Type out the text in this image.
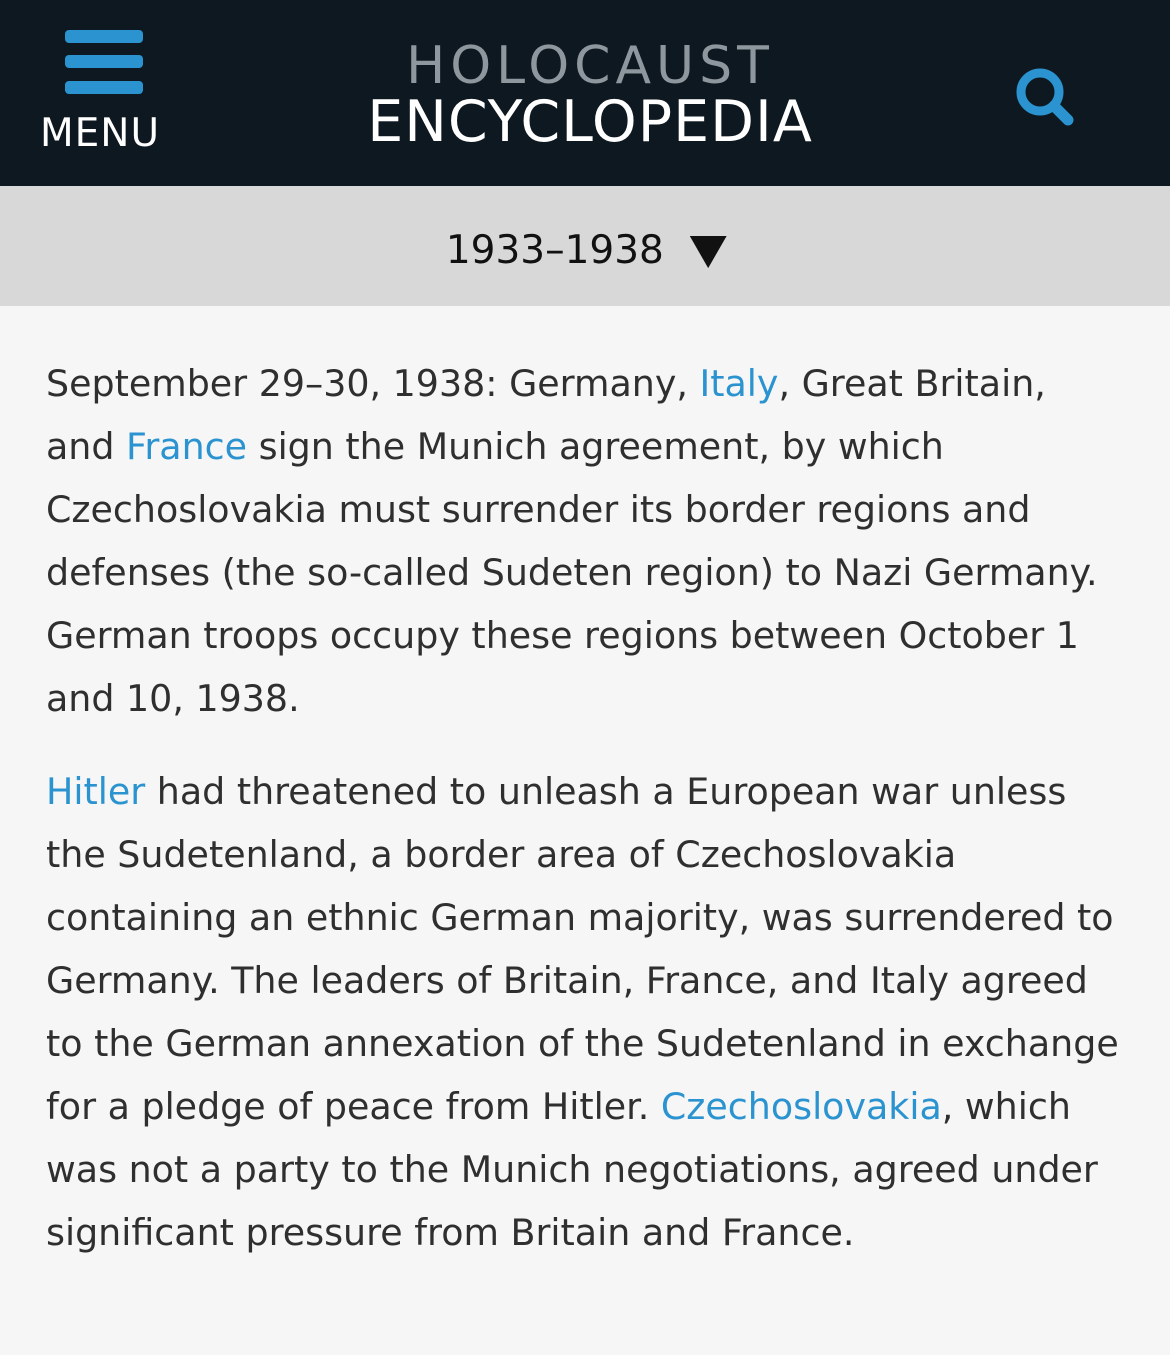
MENU
HOLOCAUST
ENCYCLOPEDIA
1933–1938 ▼

September 29–30, 1938: Germany, Italy, Great Britain, and France sign the Munich agreement, by which Czechoslovakia must surrender its border regions and defenses (the so-called Sudeten region) to Nazi Germany. German troops occupy these regions between October 1 and 10, 1938.

Hitler had threatened to unleash a European war unless the Sudetenland, a border area of Czechoslovakia containing an ethnic German majority, was surrendered to Germany. The leaders of Britain, France, and Italy agreed to the German annexation of the Sudetenland in exchange for a pledge of peace from Hitler. Czechoslovakia, which was not a party to the Munich negotiations, agreed under significant pressure from Britain and France.
